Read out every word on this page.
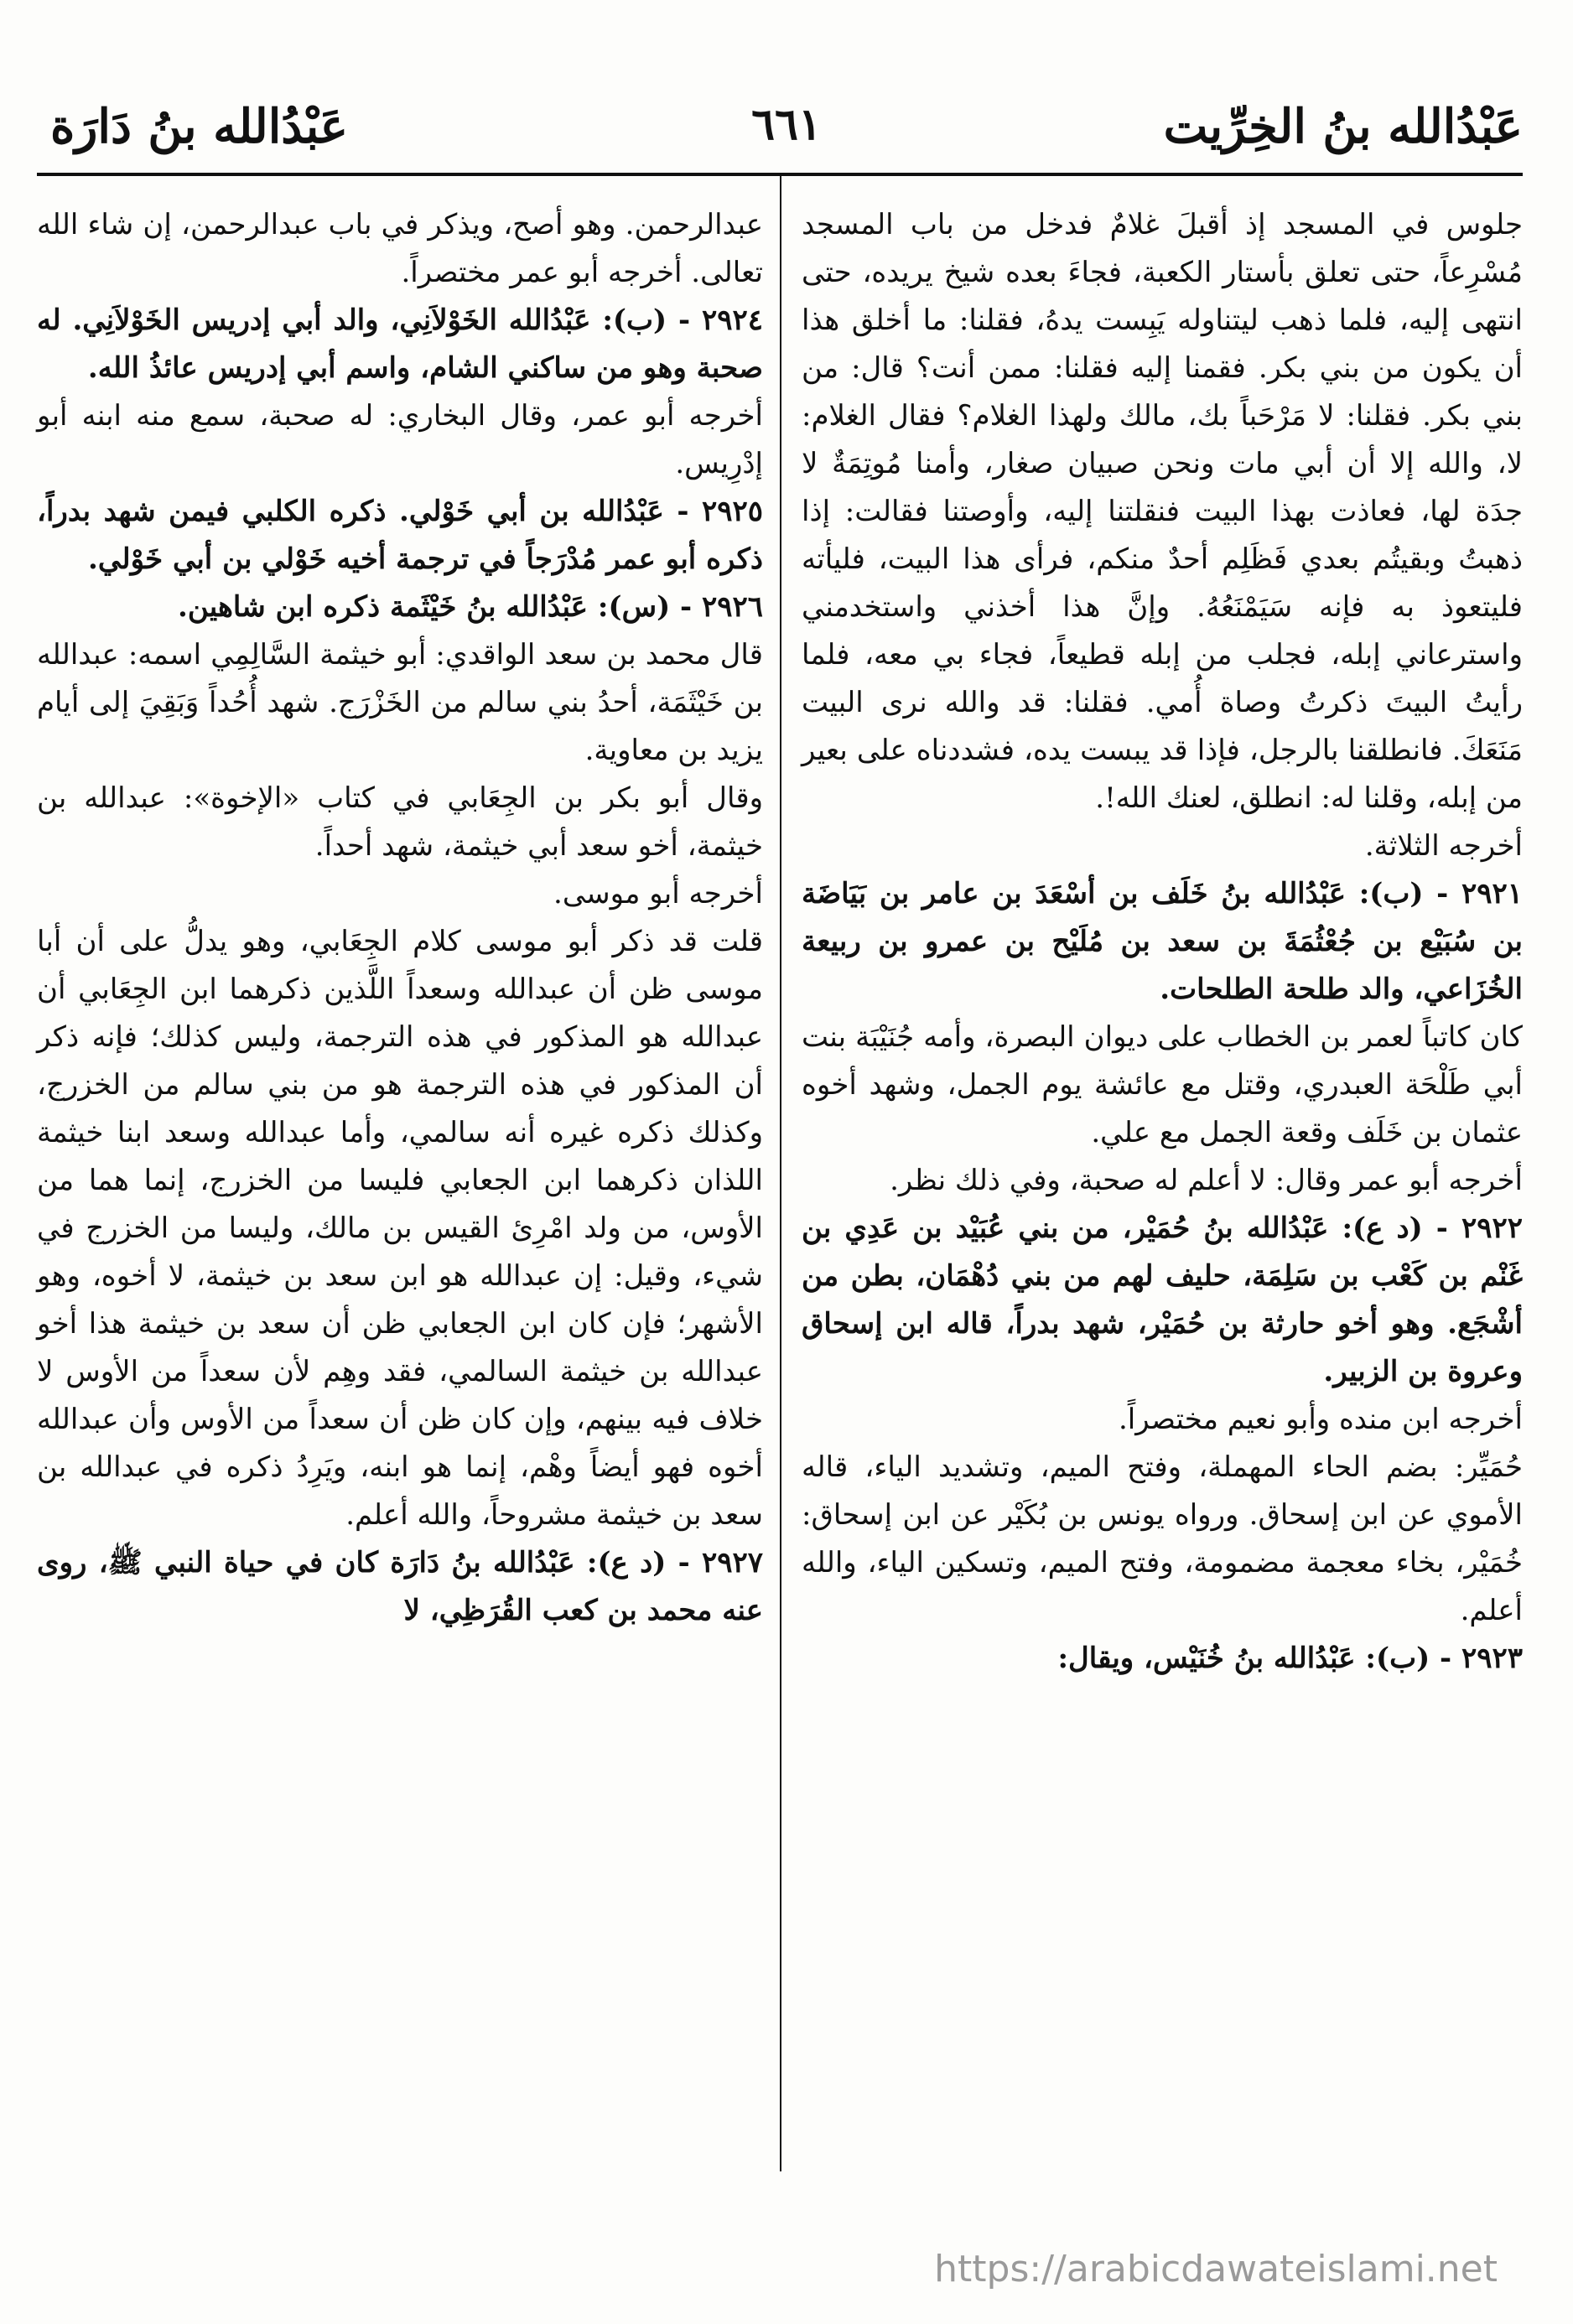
عَبْدُالله بنُ الخِرِّيت
٦٦١
عَبْدُالله بنُ دَارَة

جلوس في المسجد إذ أقبلَ غلامٌ فدخل من باب المسجد مُسْرِعاً، حتى تعلق بأستار الكعبة، فجاءَ بعده شيخ يريده، حتى انتهى إليه، فلما ذهب ليتناوله يَبِست يدهُ، فقلنا: ما أخلق هذا أن يكون من بني بكر. فقمنا إليه فقلنا: ممن أنت؟ قال: من بني بكر. فقلنا: لا مَرْحَباً بك، مالك ولهذا الغلام؟ فقال الغلام: لا، والله إلا أن أبي مات ونحن صبيان صغار، وأمنا مُوتِمَةٌ لا جدَة لها، فعاذت بهذا البيت فنقلتنا إليه، وأوصتنا فقالت: إذا ذهبتُ وبقيتُم بعدي فَظَلِم أحدٌ منكم، فرأى هذا البيت، فليأته فليتعوذ به فإنه سَيَمْنَعُهُ. وإنَّ هذا أخذني واستخدمني واسترعاني إبله، فجلب من إبله قطيعاً، فجاء بي معه، فلما رأيتُ البيتَ ذكرتُ وصاة أُمي. فقلنا: قد والله نرى البيت مَنَعَكَ. فانطلقنا بالرجل، فإذا قد يبست يده، فشددناه على بعير من إبله، وقلنا له: انطلق، لعنك الله!.

أخرجه الثلاثة.

٢٩٢١ - (ب): عَبْدُالله بنُ خَلَف بن أسْعَدَ بن عامر بن بَيَاضَة بن سُبَيْع بن جُعْثُمَةَ بن سعد بن مُلَيْح بن عمرو بن ربيعة الخُزَاعي، والد طلحة الطلحات.

كان كاتباً لعمر بن الخطاب على ديوان البصرة، وأمه جُنَيْبَة بنت أبي طَلْحَة العبدري، وقتل مع عائشة يوم الجمل، وشهد أخوه عثمان بن خَلَف وقعة الجمل مع علي.

أخرجه أبو عمر وقال: لا أعلم له صحبة، وفي ذلك نظر.

٢٩٢٢ - (د ع): عَبْدُالله بنُ حُمَيْر، من بني عُبَيْد بن عَدِي بن غَنْم بن كَعْب بن سَلِمَة، حليف لهم من بني دُهْمَان، بطن من أشْجَع. وهو أخو حارثة بن حُمَيْر، شهد بدراً، قاله ابن إسحاق وعروة بن الزبير.

أخرجه ابن منده وأبو نعيم مختصراً.

حُمَيِّر: بضم الحاء المهملة، وفتح الميم، وتشديد الياء، قاله الأموي عن ابن إسحاق. ورواه يونس بن بُكَيْر عن ابن إسحاق: خُمَيْر، بخاء معجمة مضمومة، وفتح الميم، وتسكين الياء، والله أعلم.

٢٩٢٣ - (ب): عَبْدُالله بنُ خُنَيْس، ويقال:

عبدالرحمن. وهو أصح، ويذكر في باب عبدالرحمن، إن شاء الله تعالى. أخرجه أبو عمر مختصراً.

٢٩٢٤ - (ب): عَبْدُالله الخَوْلاَنِي، والد أبي إدريس الخَوْلاَنِي. له صحبة وهو من ساكني الشام، واسم أبي إدريس عائذُ الله.

أخرجه أبو عمر، وقال البخاري: له صحبة، سمع منه ابنه أبو إدْرِيس.

٢٩٢٥ - عَبْدُالله بن أبي خَوْلي. ذكره الكلبي فيمن شهد بدراً، ذكره أبو عمر مُدْرَجاً في ترجمة أخيه خَوْلي بن أبي خَوْلي.

٢٩٢٦ - (س): عَبْدُالله بنُ خَيْثَمة ذكره ابن شاهين.

قال محمد بن سعد الواقدي: أبو خيثمة السَّالِمِي اسمه: عبدالله بن خَيْثَمَة، أحدُ بني سالم من الخَزْرَج. شهد أُحُداً وَبَقِيَ إلى أيام يزيد بن معاوية.

وقال أبو بكر بن الجِعَابي في كتاب «الإخوة»: عبدالله بن خيثمة، أخو سعد أبي خيثمة، شهد أحداً.

أخرجه أبو موسى.

قلت قد ذكر أبو موسى كلام الجِعَابي، وهو يدلُّ على أن أبا موسى ظن أن عبدالله وسعداً اللَّذين ذكرهما ابن الجِعَابي أن عبدالله هو المذكور في هذه الترجمة، وليس كذلك؛ فإنه ذكر أن المذكور في هذه الترجمة هو من بني سالم من الخزرج، وكذلك ذكره غيره أنه سالمي، وأما عبدالله وسعد ابنا خيثمة اللذان ذكرهما ابن الجعابي فليسا من الخزرج، إنما هما من الأوس، من ولد امْرِئ القيس بن مالك، وليسا من الخزرج في شيء، وقيل: إن عبدالله هو ابن سعد بن خيثمة، لا أخوه، وهو الأشهر؛ فإن كان ابن الجعابي ظن أن سعد بن خيثمة هذا أخو عبدالله بن خيثمة السالمي، فقد وهِم لأن سعداً من الأوس لا خلاف فيه بينهم، وإن كان ظن أن سعداً من الأوس وأن عبدالله أخوه فهو أيضاً وهْم، إنما هو ابنه، ويَرِدُ ذكره في عبدالله بن سعد بن خيثمة مشروحاً، والله أعلم.

٢٩٢٧ - (د ع): عَبْدُالله بنُ دَارَة كان في حياة النبي ﷺ، روى عنه محمد بن كعب القُرَظِي، لا

https://arabicdawateislami.net
